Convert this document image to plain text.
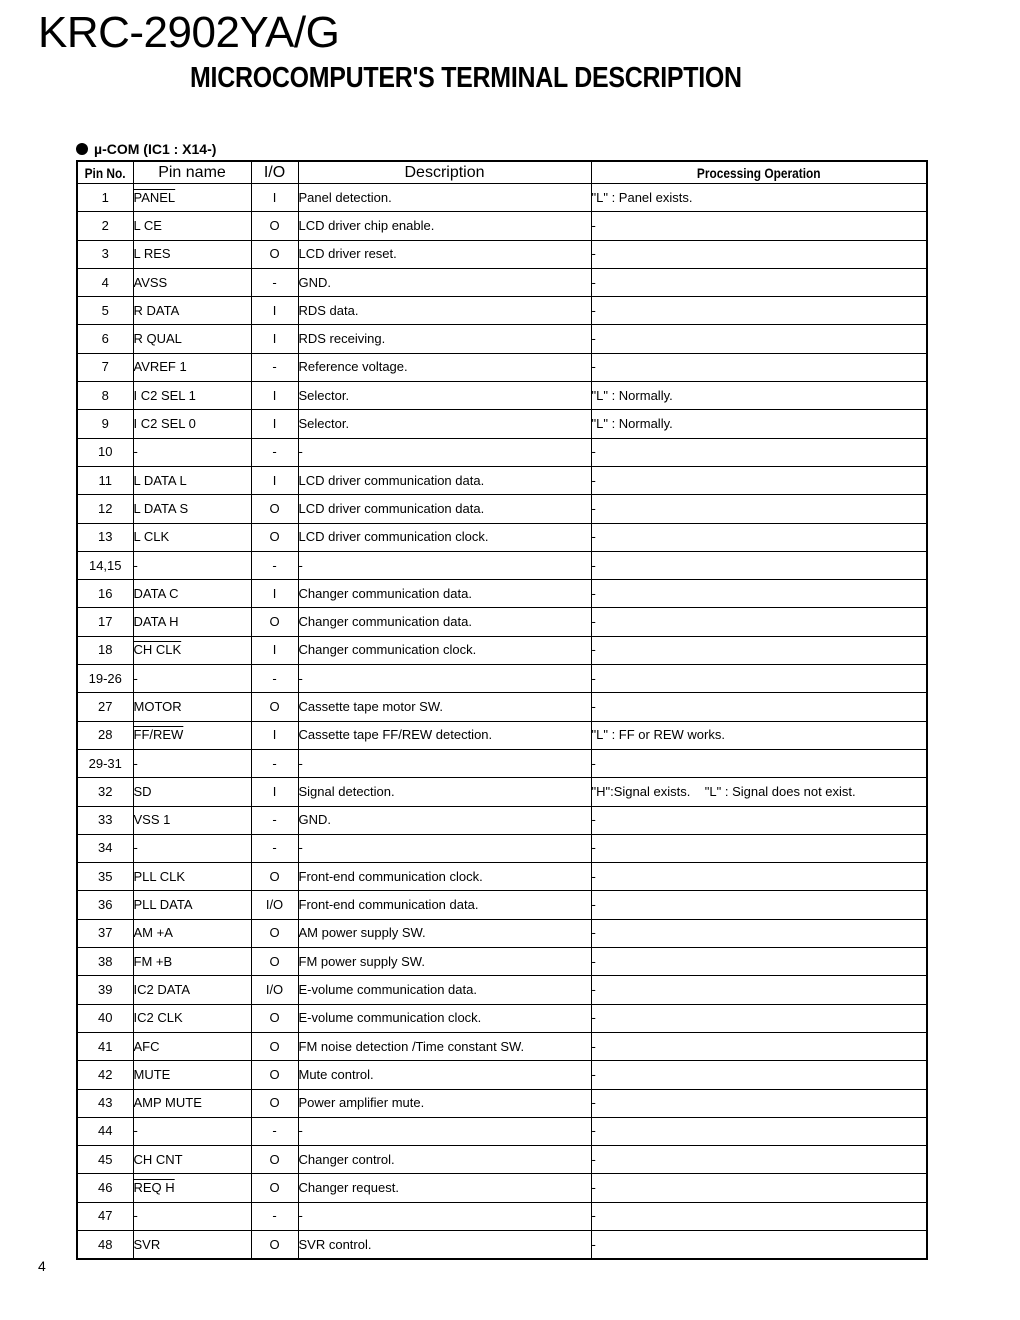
KRC-2902YA/G
MICROCOMPUTER'S TERMINAL DESCRIPTION
µ-COM (IC1 : X14-)
Pin No.	Pin name	I/O	Description	Processing Operation
1	PANEL	I	Panel detection.	"L" : Panel exists.
2	L CE	O	LCD driver chip enable.	-
3	L RES	O	LCD driver reset.	-
4	AVSS	-	GND.	-
5	R DATA	I	RDS data.	-
6	R QUAL	I	RDS receiving.	-
7	AVREF 1	-	Reference voltage.	-
8	I C2 SEL 1	I	Selector.	"L" : Normally.
9	I C2 SEL 0	I	Selector.	"L" : Normally.
10	-	-	-	-
11	L DATA L	I	LCD driver communication data.	-
12	L DATA S	O	LCD driver communication data.	-
13	L CLK	O	LCD driver communication clock.	-
14,15	-	-	-	-
16	DATA C	I	Changer communication data.	-
17	DATA H	O	Changer communication data.	-
18	CH CLK	I	Changer communication clock.	-
19-26	-	-	-	-
27	MOTOR	O	Cassette tape motor SW.	-
28	FF/REW	I	Cassette tape FF/REW detection.	"L" : FF or REW works.
29-31	-	-	-	-
32	SD	I	Signal detection.	"H":Signal exists.    "L" : Signal does not exist.
33	VSS 1	-	GND.	-
34	-	-	-	-
35	PLL CLK	O	Front-end communication clock.	-
36	PLL DATA	I/O	Front-end communication data.	-
37	AM +A	O	AM power supply SW.	-
38	FM +B	O	FM power supply SW.	-
39	IC2 DATA	I/O	E-volume communication data.	-
40	IC2 CLK	O	E-volume communication clock.	-
41	AFC	O	FM noise detection /Time constant SW.	-
42	MUTE	O	Mute control.	-
43	AMP MUTE	O	Power amplifier mute.	-
44	-	-	-	-
45	CH CNT	O	Changer control.	-
46	REQ H	O	Changer request.	-
47	-	-	-	-
48	SVR	O	SVR control.	-
4
